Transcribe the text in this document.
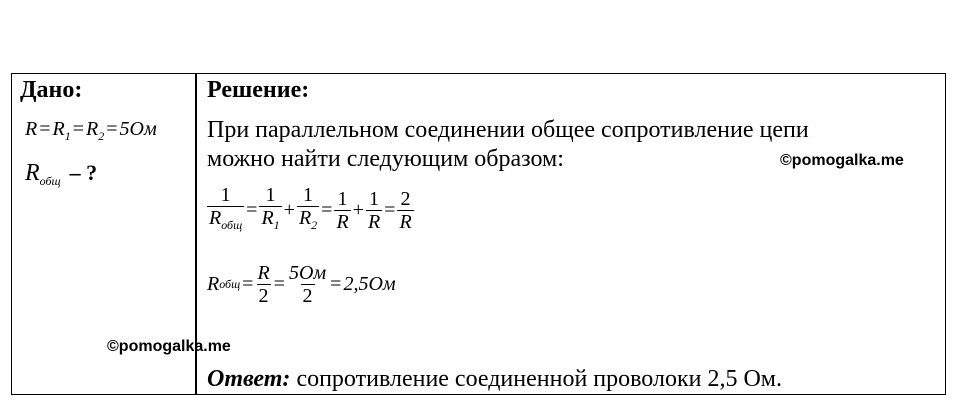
Дано:
$R = R_1 = R_2 = 5Ом$
$R_{общ}$ – ?
Решение:
При параллельном соединении общее сопротивление цепи
можно найти следующим образом:	©pomogalka.me
$\frac{1}{R_{общ}} = \frac{1}{R_1} + \frac{1}{R_2} = \frac{1}{R} + \frac{1}{R} = \frac{2}{R}$
R общ = $\frac{R}{2} = \frac{5Ом}{2} = 2,5Ом$
©pomogalka.me
Ответ: сопротивление соединенной проволоки 2,5 Ом.
